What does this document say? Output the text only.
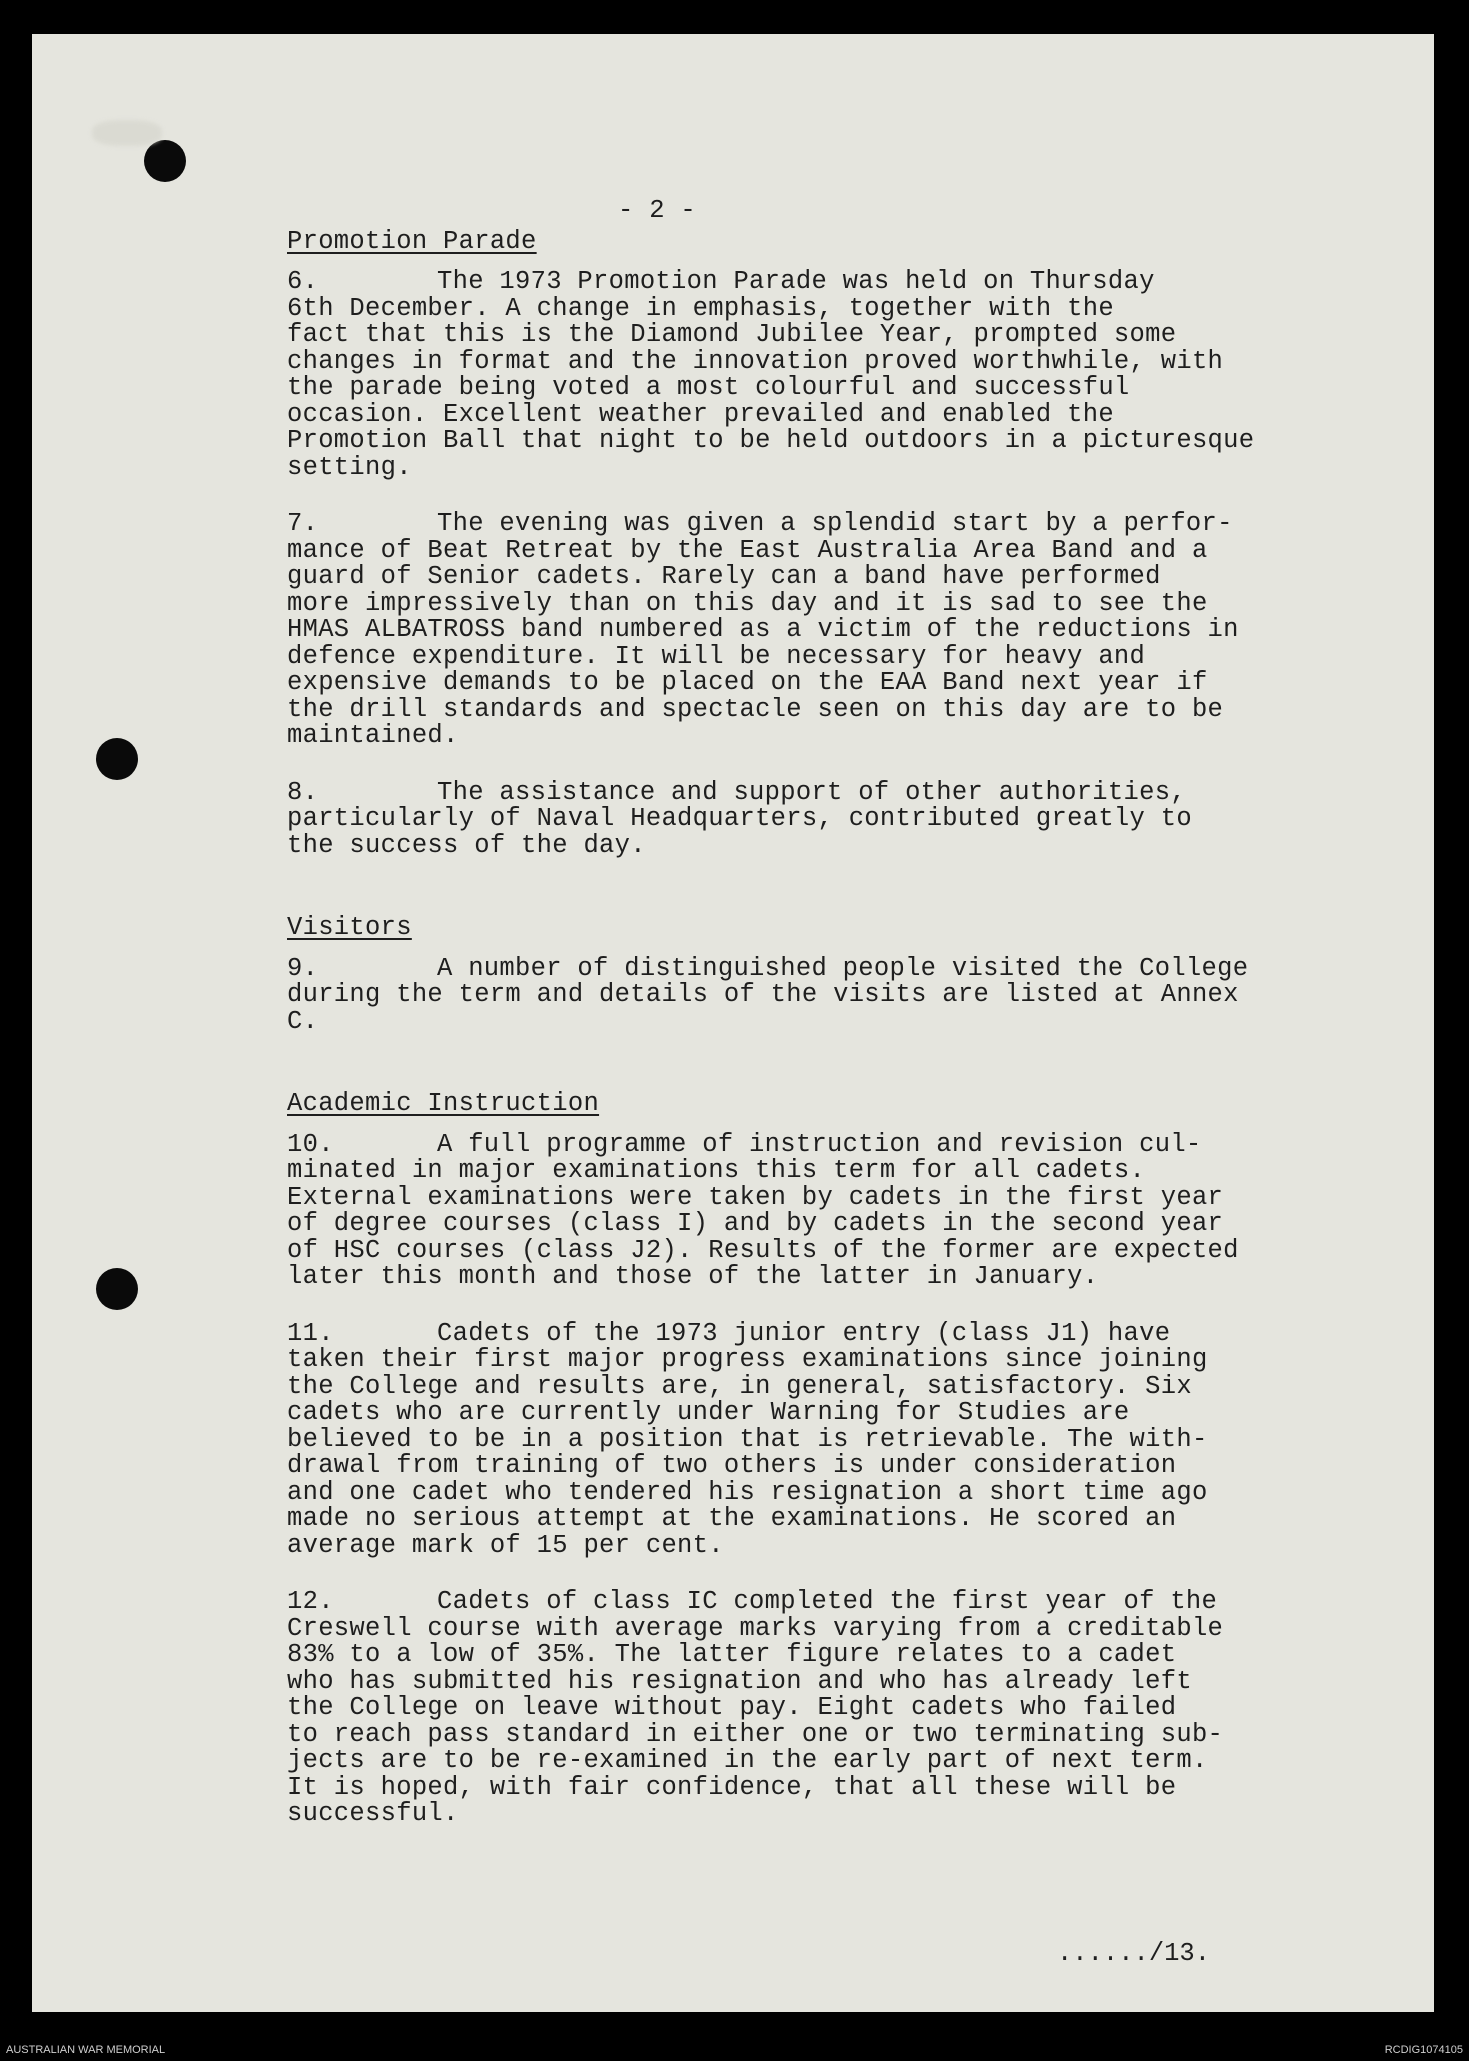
- 2 -
Promotion Parade
6.	The 1973 Promotion Parade was held on Thursday
6th December. A change in emphasis, together with the
fact that this is the Diamond Jubilee Year, prompted some
changes in format and the innovation proved worthwhile, with
the parade being voted a most colourful and successful
occasion. Excellent weather prevailed and enabled the
Promotion Ball that night to be held outdoors in a picturesque
setting.
7.	The evening was given a splendid start by a perfor-
mance of Beat Retreat by the East Australia Area Band and a
guard of Senior cadets. Rarely can a band have performed
more impressively than on this day and it is sad to see the
HMAS ALBATROSS band numbered as a victim of the reductions in
defence expenditure. It will be necessary for heavy and
expensive demands to be placed on the EAA Band next year if
the drill standards and spectacle seen on this day are to be
maintained.
8.	The assistance and support of other authorities,
particularly of Naval Headquarters, contributed greatly to
the success of the day.
Visitors
9.	A number of distinguished people visited the College
during the term and details of the visits are listed at Annex
C.
Academic Instruction
10.	A full programme of instruction and revision cul-
minated in major examinations this term for all cadets.
External examinations were taken by cadets in the first year
of degree courses (class I) and by cadets in the second year
of HSC courses (class J2). Results of the former are expected
later this month and those of the latter in January.
11.	Cadets of the 1973 junior entry (class J1) have
taken their first major progress examinations since joining
the College and results are, in general, satisfactory. Six
cadets who are currently under Warning for Studies are
believed to be in a position that is retrievable. The with-
drawal from training of two others is under consideration
and one cadet who tendered his resignation a short time ago
made no serious attempt at the examinations. He scored an
average mark of 15 per cent.
12.	Cadets of class IC completed the first year of the
Creswell course with average marks varying from a creditable
83% to a low of 35%. The latter figure relates to a cadet
who has submitted his resignation and who has already left
the College on leave without pay. Eight cadets who failed
to reach pass standard in either one or two terminating sub-
jects are to be re-examined in the early part of next term.
It is hoped, with fair confidence, that all these will be
successful.
....../13.
AUSTRALIAN WAR MEMORIAL	RCDIG1074105
